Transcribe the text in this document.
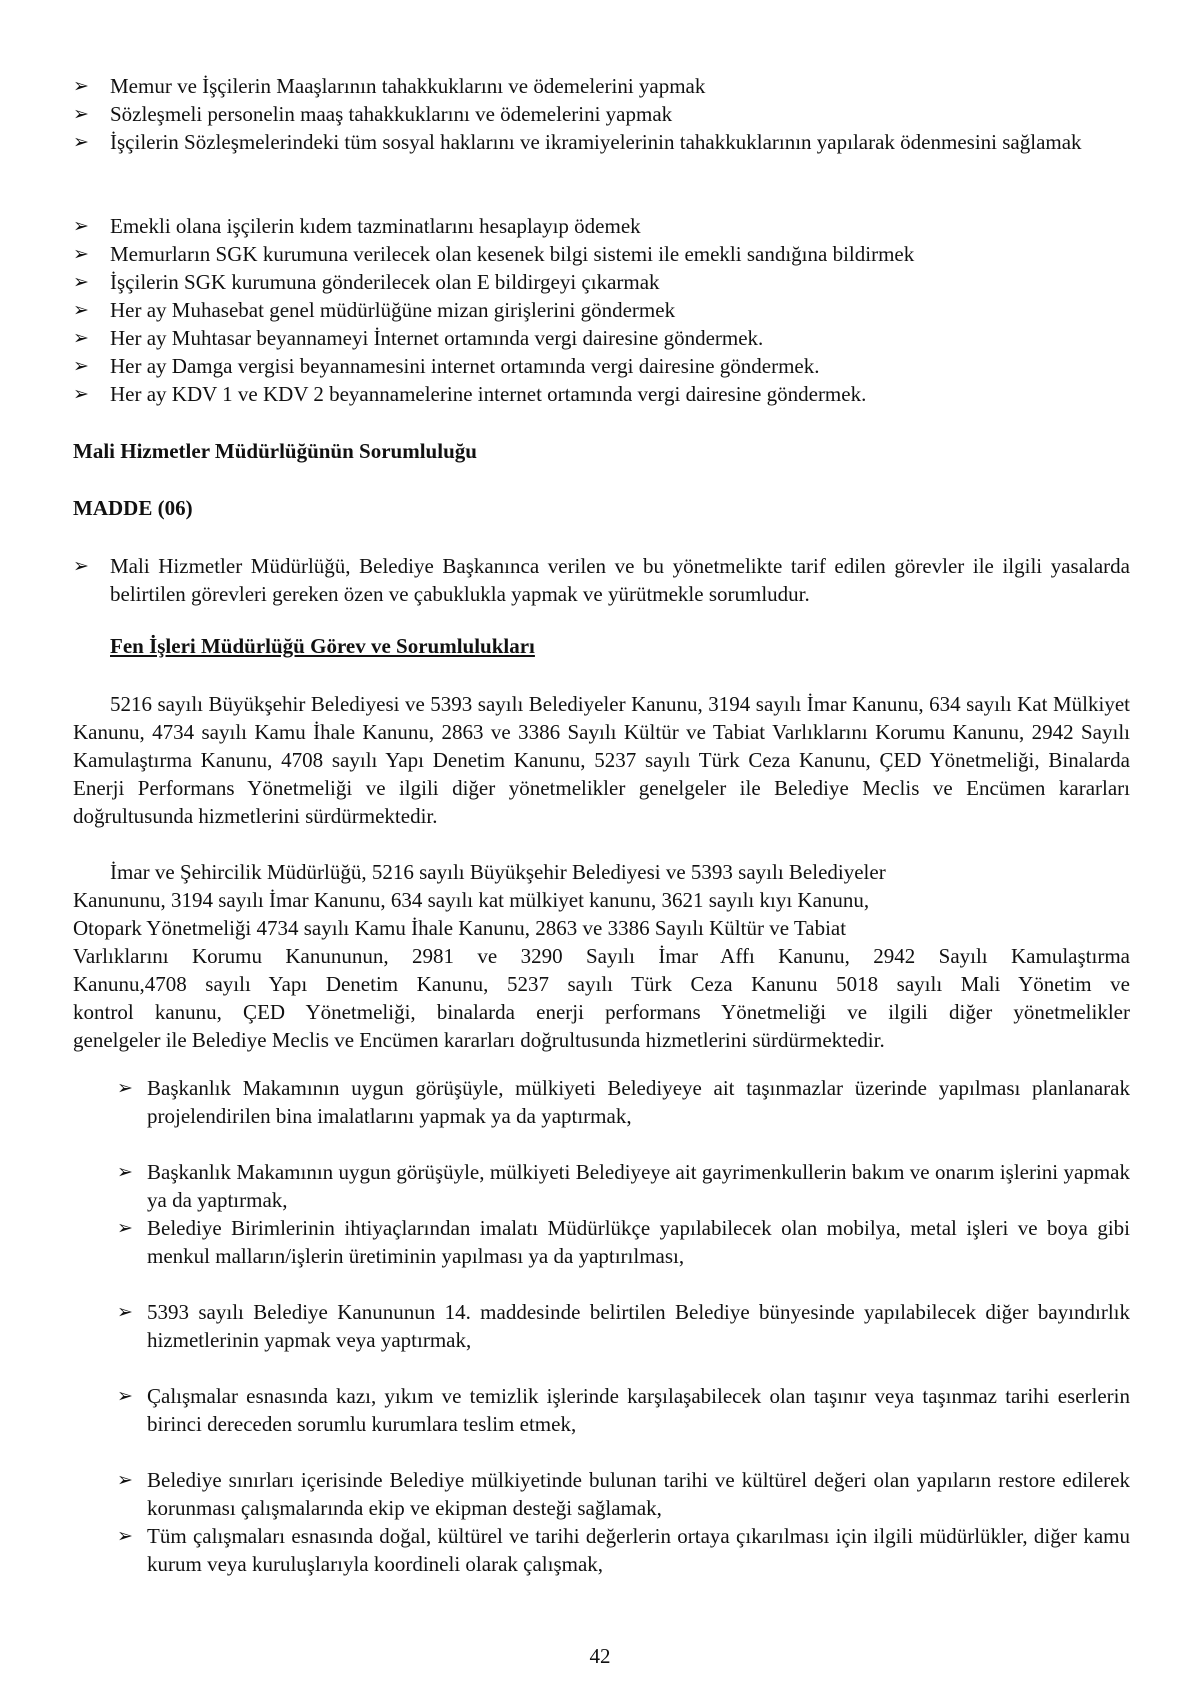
➢ Memur ve İşçilerin Maaşlarının tahakkuklarını ve ödemelerini yapmak
➢ Sözleşmeli personelin maaş tahakkuklarını ve ödemelerini yapmak
➢ İşçilerin Sözleşmelerindeki tüm sosyal haklarını ve ikramiyelerinin tahakkuklarının yapılarak ödenmesini sağlamak
➢ Emekli olana işçilerin kıdem tazminatlarını hesaplayıp ödemek
➢ Memurların SGK kurumuna verilecek olan kesenek bilgi sistemi ile emekli sandığına bildirmek
➢ İşçilerin SGK kurumuna gönderilecek olan E bildirgeyi çıkarmak
➢ Her ay Muhasebat genel müdürlüğüne mizan girişlerini göndermek
➢ Her ay Muhtasar beyannameyi İnternet ortamında vergi dairesine göndermek.
➢ Her ay Damga vergisi beyannamesini internet ortamında vergi dairesine göndermek.
➢ Her ay KDV 1 ve KDV 2 beyannamelerine internet ortamında vergi dairesine göndermek.
Mali Hizmetler Müdürlüğünün Sorumluluğu
MADDE (06)
➢ Mali Hizmetler Müdürlüğü, Belediye Başkanınca verilen ve bu yönetmelikte tarif edilen görevler ile ilgili yasalarda belirtilen görevleri gereken özen ve çabuklukla yapmak ve yürütmekle sorumludur.
Fen İşleri Müdürlüğü Görev ve Sorumlulukları
5216 sayılı Büyükşehir Belediyesi ve 5393 sayılı Belediyeler Kanunu, 3194 sayılı İmar Kanunu, 634 sayılı Kat Mülkiyet Kanunu, 4734 sayılı Kamu İhale Kanunu, 2863 ve 3386 Sayılı Kültür ve Tabiat Varlıklarını Korumu Kanunu, 2942 Sayılı Kamulaştırma Kanunu, 4708 sayılı Yapı Denetim Kanunu, 5237 sayılı Türk Ceza Kanunu, ÇED Yönetmeliği, Binalarda Enerji Performans Yönetmeliği ve ilgili diğer yönetmelikler genelgeler ile Belediye Meclis ve Encümen kararları doğrultusunda hizmetlerini sürdürmektedir.
İmar ve Şehircilik Müdürlüğü, 5216 sayılı Büyükşehir Belediyesi ve 5393 sayılı Belediyeler
Kanununu, 3194 sayılı İmar Kanunu, 634 sayılı kat mülkiyet kanunu, 3621 sayılı kıyı Kanunu,
Otopark Yönetmeliği 4734 sayılı Kamu İhale Kanunu, 2863 ve 3386 Sayılı Kültür ve Tabiat
Varlıklarını Korumu Kanununun, 2981 ve 3290 Sayılı İmar Affı Kanunu, 2942 Sayılı Kamulaştırma
Kanunu,4708 sayılı Yapı Denetim Kanunu, 5237 sayılı Türk Ceza Kanunu 5018 sayılı Mali Yönetim ve
kontrol kanunu, ÇED Yönetmeliği, binalarda enerji performans Yönetmeliği ve ilgili diğer yönetmelikler
genelgeler ile Belediye Meclis ve Encümen kararları doğrultusunda hizmetlerini sürdürmektedir.
➢ Başkanlık Makamının uygun görüşüyle, mülkiyeti Belediyeye ait taşınmazlar üzerinde yapılması planlanarak projelendirilen bina imalatlarını yapmak ya da yaptırmak,
➢ Başkanlık Makamının uygun görüşüyle, mülkiyeti Belediyeye ait gayrimenkullerin bakım ve onarım işlerini yapmak ya da yaptırmak,
➢ Belediye Birimlerinin ihtiyaçlarından imalatı Müdürlükçe yapılabilecek olan mobilya, metal işleri ve boya gibi menkul malların/işlerin üretiminin yapılması ya da yaptırılması,
➢ 5393 sayılı Belediye Kanununun 14. maddesinde belirtilen Belediye bünyesinde yapılabilecek diğer bayındırlık hizmetlerinin yapmak veya yaptırmak,
➢ Çalışmalar esnasında kazı, yıkım ve temizlik işlerinde karşılaşabilecek olan taşınır veya taşınmaz tarihi eserlerin birinci dereceden sorumlu kurumlara teslim etmek,
➢ Belediye sınırları içerisinde Belediye mülkiyetinde bulunan tarihi ve kültürel değeri olan yapıların restore edilerek korunması çalışmalarında ekip ve ekipman desteği sağlamak,
➢ Tüm çalışmaları esnasında doğal, kültürel ve tarihi değerlerin ortaya çıkarılması için ilgili müdürlükler, diğer kamu kurum veya kuruluşlarıyla koordineli olarak çalışmak,
42
